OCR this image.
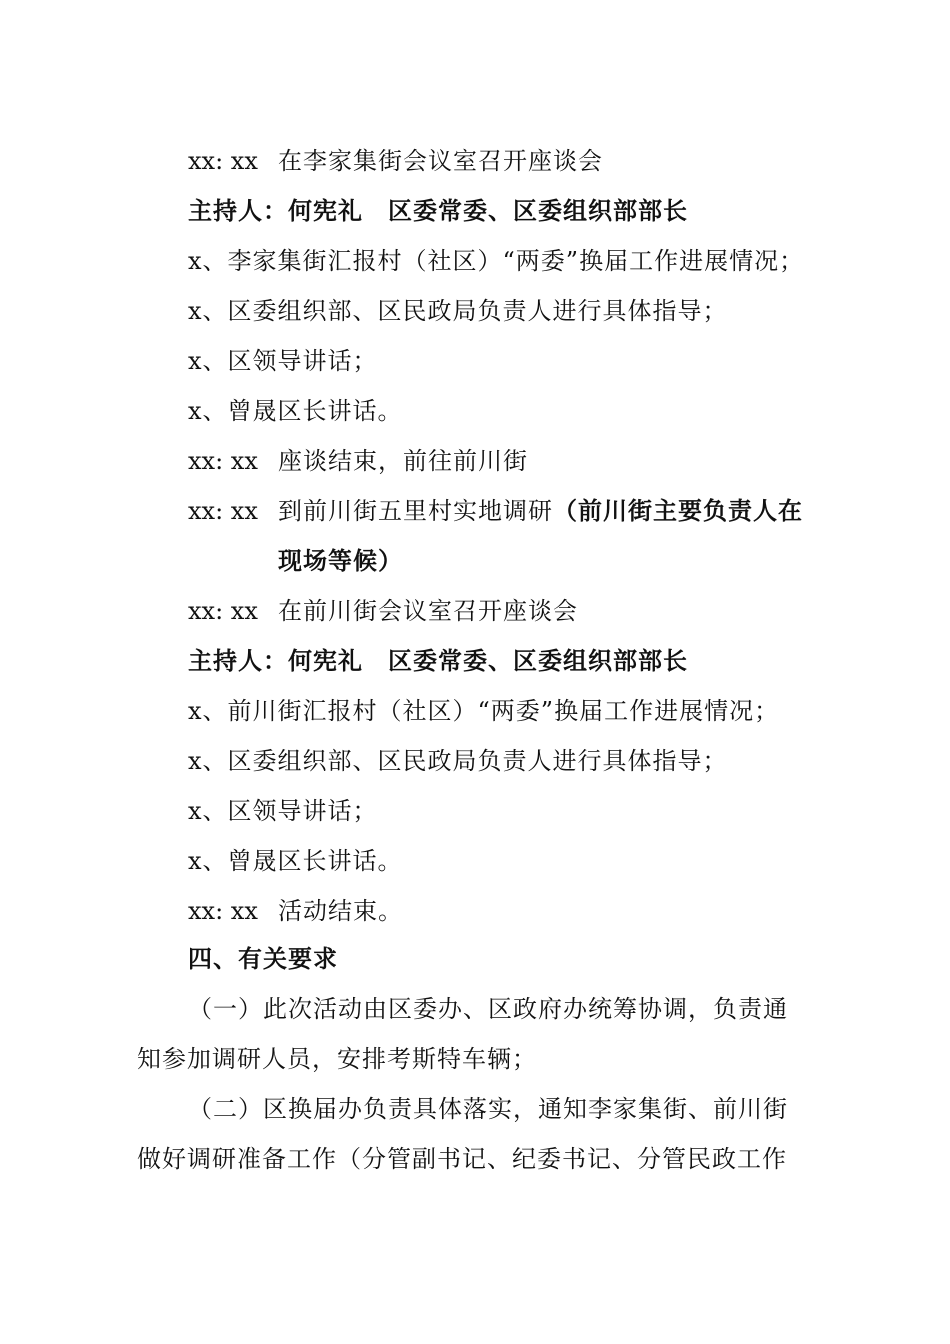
xx: xx 在李家集街会议室召开座谈会
主持人：何宪礼　区委常委、区委组织部部长
x、李家集街汇报村（社区）“两委”换届工作进展情况；
x、区委组织部、区民政局负责人进行具体指导；
x、区领导讲话；
x、曾晟区长讲话。
xx: xx 座谈结束，前往前川街
xx: xx 到前川街五里村实地调研（前川街主要负责人在
现场等候）
xx: xx 在前川街会议室召开座谈会
主持人：何宪礼　区委常委、区委组织部部长
x、前川街汇报村（社区）“两委”换届工作进展情况；
x、区委组织部、区民政局负责人进行具体指导；
x、区领导讲话；
x、曾晟区长讲话。
xx: xx 活动结束。
四、有关要求
（一）此次活动由区委办、区政府办统筹协调，负责通
知参加调研人员，安排考斯特车辆；
（二）区换届办负责具体落实，通知李家集街、前川街
做好调研准备工作（分管副书记、纪委书记、分管民政工作
